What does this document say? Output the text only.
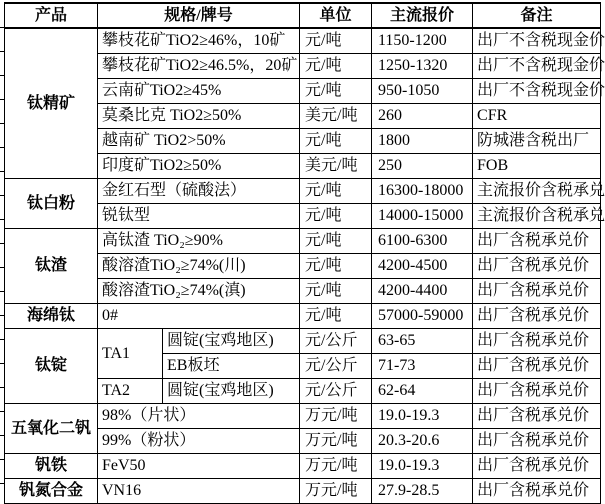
产品	规格/牌号		单位	主流报价	备注
钛精矿	攀枝花矿TiO2≥46%，10矿		元/吨	1150-1200	出厂不含税现金价
	攀枝花矿TiO2≥46.5%，20矿		元/吨	1250-1320	出厂不含税现金价
	云南矿TiO2≥45%		元/吨	950-1050	出厂不含税现金价
	莫桑比克 TiO2≥50%		美元/吨	260	CFR
	越南矿 TiO2>50%		元/吨	1800	防城港含税出厂
	印度矿TiO2≥50%		美元/吨	250	FOB
钛白粉	金红石型（硫酸法）		元/吨	16300-18000	主流报价含税承兑
	锐钛型		元/吨	14000-15000	主流报价含税承兑
钛渣	高钛渣 TiO₂≥90%		元/吨	6100-6300	出厂含税承兑价
	酸溶渣TiO₂≥74%(川)		元/吨	4200-4500	出厂含税承兑价
	酸溶渣TiO₂≥74%(滇)		元/吨	4200-4400	出厂含税承兑价
海绵钛	0#		元/吨	57000-59000	出厂含税承兑价
钛锭	TA1	圆锭(宝鸡地区)	元/公斤	63-65	出厂含税承兑价
		EB板坯	元/公斤	71-73	出厂含税承兑价
	TA2	圆锭(宝鸡地区)	元/公斤	62-64	出厂含税承兑价
五氧化二钒	98%（片状）		万元/吨	19.0-19.3	出厂含税承兑价
	99%（粉状）		万元/吨	20.3-20.6	出厂含税承兑价
钒铁	FeV50		万元/吨	19.0-19.3	出厂含税承兑价
钒氮合金	VN16		万元/吨	27.9-28.5	出厂含税承兑价
